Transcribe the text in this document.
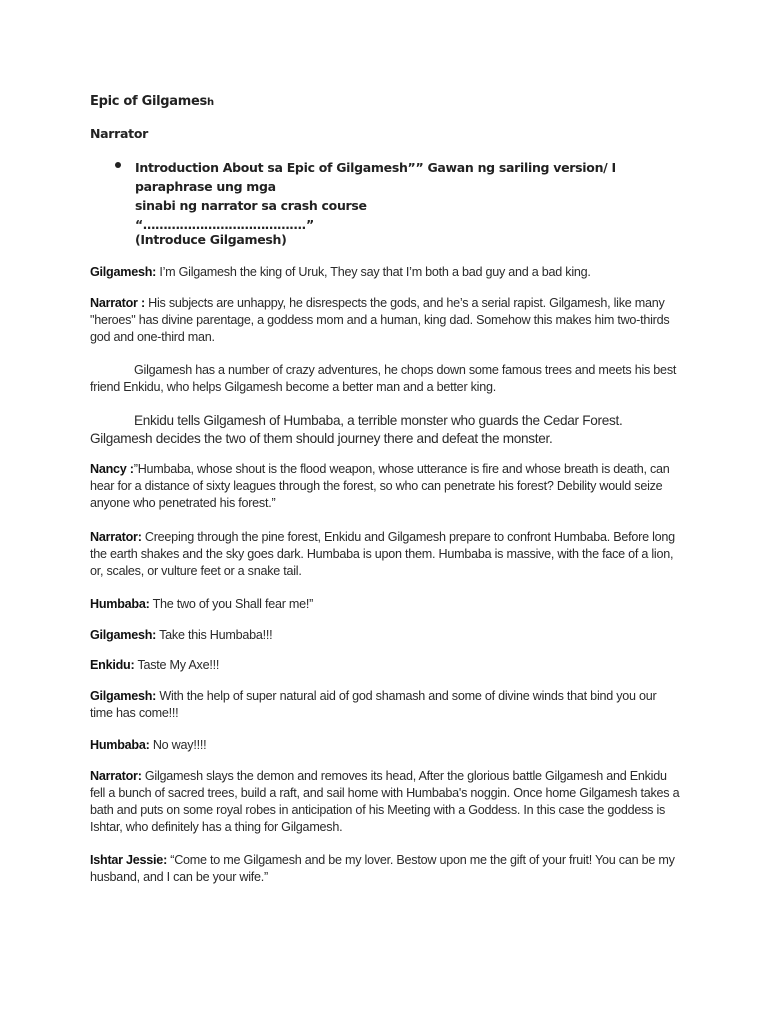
Epic of Gilgamesh
Narrator
Introduction About sa Epic of Gilgamesh”” Gawan ng sariling version/ I paraphrase ung mga
sinabi ng narrator sa crash course
“………………………………….”
(Introduce Gilgamesh)
Gilgamesh: I’m Gilgamesh the king of Uruk, They say that I’m both a bad guy and a bad king.
Narrator : His subjects are unhappy, he disrespects the gods, and he’s a serial rapist. Gilgamesh, like many "heroes" has divine parentage, a goddess mom and a human, king dad. Somehow this makes him two-thirds god and one-third man.
Gilgamesh has a number of crazy adventures, he chops down some famous trees and meets his best friend Enkidu, who helps Gilgamesh become a better man and a better king.
Enkidu tells Gilgamesh of Humbaba, a terrible monster who guards the Cedar Forest. Gilgamesh decides the two of them should journey there and defeat the monster.
Nancy :”Humbaba, whose shout is the flood weapon, whose utterance is fire and whose breath is death, can hear for a distance of sixty leagues through the forest, so who can penetrate his forest? Debility would seize anyone who penetrated his forest.”
Narrator: Creeping through the pine forest, Enkidu and Gilgamesh prepare to confront Humbaba. Before long the earth shakes and the sky goes dark. Humbaba is upon them. Humbaba is massive, with the face of a lion, or, scales, or vulture feet or a snake tail.
Humbaba: The two of you Shall fear me!”
Gilgamesh: Take this Humbaba!!!
Enkidu: Taste My Axe!!!
Gilgamesh: With the help of super natural aid of god shamash and some of divine winds that bind you our time has come!!!
Humbaba: No way!!!!
Narrator: Gilgamesh slays the demon and removes its head, After the glorious battle Gilgamesh and Enkidu fell a bunch of sacred trees, build a raft, and sail home with Humbaba's noggin. Once home Gilgamesh takes a bath and puts on some royal robes in anticipation of his Meeting with a Goddess. In this case the goddess is Ishtar, who definitely has a thing for Gilgamesh.
Ishtar Jessie: “Come to me Gilgamesh and be my lover. Bestow upon me the gift of your fruit! You can be my husband, and I can be your wife.”
